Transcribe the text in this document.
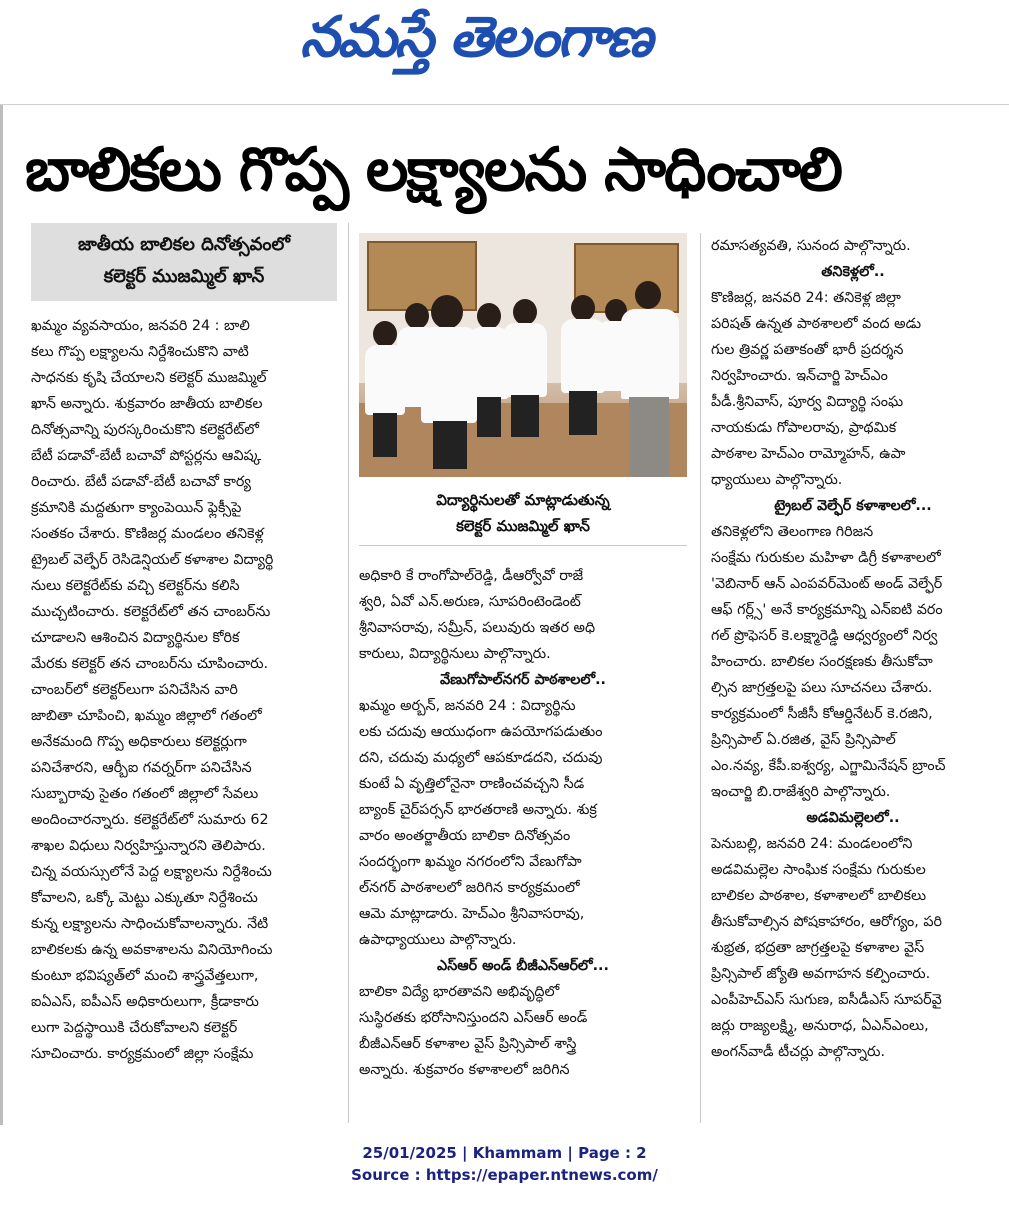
నమస్తే తెలంగాణ
బాలికలు గొప్ప లక్ష్యాలను సాధించాలి
జాతీయ బాలికల దినోత్సవంలో
కలెక్టర్ ముజమ్మిల్ ఖాన్
విద్యార్థినులతో మాట్లాడుతున్న
కలెక్టర్ ముజమ్మిల్ ఖాన్
ఖమ్మం వ్యవసాయం, జనవరి 24 : బాలి
కలు గొప్ప లక్ష్యాలను నిర్దేశించుకొని వాటి
సాధనకు కృషి చేయాలని కలెక్టర్ ముజమ్మిల్
ఖాన్ అన్నారు. శుక్రవారం జాతీయ బాలికల
దినోత్సవాన్ని పురస్కరించుకొని కలెక్టరేట్‌లో
బేటీ పడావో-బేటీ బచావో పోస్టర్లను ఆవిష్క
రించారు. బేటీ పడావో-బేటీ బచావో కార్య
క్రమానికి మద్దతుగా క్యాంపెయిన్ ఫ్లెక్సీపై
సంతకం చేశారు. కొణిజర్ల మండలం తనికెళ్ల
ట్రైబల్ వెల్ఫేర్ రెసిడెన్షియల్ కళాశాల విద్యార్థి
నులు కలెక్టరేట్‌కు వచ్చి కలెక్టర్‌ను కలిసి
ముచ్చటించారు. కలెక్టరేట్‌లో తన చాంబర్‌ను
చూడాలని ఆశించిన విద్యార్థినుల కోరిక
మేరకు కలెక్టర్ తన చాంబర్‌ను చూపించారు.
చాంబర్‌లో కలెక్టర్‌లుగా పనిచేసిన వారి
జాబితా చూపించి, ఖమ్మం జిల్లాలో గతంలో
అనేకమంది గొప్ప అధికారులు కలెక్టర్లుగా
పనిచేశారని, ఆర్బీఐ గవర్నర్‌గా పనిచేసిన
సుబ్బారావు సైతం గతంలో జిల్లాలో సేవలు
అందించారన్నారు. కలెక్టరేట్‌లో సుమారు 62
శాఖల విధులు నిర్వహిస్తున్నారని తెలిపారు.
చిన్న వయస్సులోనే పెద్ద లక్ష్యాలను నిర్దేశించు
కోవాలని, ఒక్కో మెట్టు ఎక్కుతూ నిర్దేశించు
కున్న లక్ష్యాలను సాధించుకోవాలన్నారు. నేటి
బాలికలకు ఉన్న అవకాశాలను వినియోగించు
కుంటూ భవిష్యత్‌లో మంచి శాస్త్రవేత్తలుగా,
ఐఏఎస్, ఐపీఎస్ అధికారులుగా, క్రీడాకారు
లుగా పెద్దస్థాయికి చేరుకోవాలని కలెక్టర్
సూచించారు. కార్యక్రమంలో జిల్లా సంక్షేమ
అధికారి కే రాంగోపాల్‌రెడ్డి, డీఆర్వోవో రాజే
శ్వరి, ఏవో ఎన్.అరుణ, సూపరింటెండెంట్
శ్రీనివాసరావు, సమ్రీన్, పలువురు ఇతర అధి
కారులు, విద్యార్థినులు పాల్గొన్నారు.
వేణుగోపాల్‌నగర్ పాఠశాలలో..
ఖమ్మం అర్బన్, జనవరి 24 : విద్యార్థిను
లకు చదువు ఆయుధంగా ఉపయోగపడుతుం
దని, చదువు మధ్యలో ఆపకూడదని, చదువు
కుంటే ఏ వృత్తిలోనైనా రాణించవచ్చని సీడ
బ్యాంక్ చైర్‌పర్సన్ భారతరాణి అన్నారు. శుక్ర
వారం అంతర్జాతీయ బాలికా దినోత్సవం
సందర్భంగా ఖమ్మం నగరంలోని వేణుగోపా
ల్‌నగర్ పాఠశాలలో జరిగిన కార్యక్రమంలో
ఆమె మాట్లాడారు. హెచ్ఎం శ్రీనివాసరావు,
ఉపాధ్యాయులు పాల్గొన్నారు.
ఎస్ఆర్ అండ్ బీజీఎన్ఆర్‌లో...
బాలికా విద్యే భారతావని అభివృద్ధిలో
సుస్థిరతకు భరోసానిస్తుందని ఎస్ఆర్ అండ్
బీజీఎన్ఆర్ కళాశాల వైస్ ప్రిన్సిపాల్ శాస్త్రి
అన్నారు. శుక్రవారం కళాశాలలో జరిగిన
రమాసత్యవతి, సునంద పాల్గొన్నారు.
తనికెళ్లలో..
కొణిజర్ల, జనవరి 24: తనికెళ్ల జిల్లా
పరిషత్ ఉన్నత పాఠశాలలో వంద అడు
గుల త్రివర్ణ పతాకంతో భారీ ప్రదర్శన
నిర్వహించారు. ఇన్‌చార్జి హెచ్ఎం
పీడీ.శ్రీనివాస్, పూర్వ విద్యార్థి సంఘ
నాయకుడు గోపాలరావు, ప్రాథమిక
పాఠశాల హెచ్ఎం రామ్మోహన్, ఉపా
ధ్యాయులు పాల్గొన్నారు.
ట్రైబల్ వెల్ఫేర్ కళాశాలలో...
తనికెళ్లలోని తెలంగాణ గిరిజన
సంక్షేమ గురుకుల మహిళా డిగ్రీ కళాశాలలో
'వెబినార్ ఆన్ ఎంపవర్‌మెంట్ అండ్ వెల్ఫేర్
ఆఫ్ గర్ల్స్' అనే కార్యక్రమాన్ని ఎన్ఐటి వరం
గల్ ప్రొఫెసర్ కె.లక్ష్మారెడ్డి ఆధ్వర్యంలో నిర్వ
హించారు. బాలికల సంరక్షణకు తీసుకోవా
ల్సిన జాగ్రత్తలపై పలు సూచనలు చేశారు.
కార్యక్రమంలో సీజీసీ కోఆర్డినేటర్ కె.రజిని,
ప్రిన్సిపాల్ ఏ.రజిత, వైస్ ప్రిన్సిపాల్
ఎం.నవ్య, కేపీ.ఐశ్వర్య, ఎగ్జామినేషన్ బ్రాంచ్
ఇంచార్జి బి.రాజేశ్వరి పాల్గొన్నారు.
అడవిమల్లెలలో..
పెనుబల్లి, జనవరి 24: మండలంలోని
అడవిమల్లెల సాంఘిక సంక్షేమ గురుకుల
బాలికల పాఠశాల, కళాశాలలో బాలికలు
తీసుకోవాల్సిన పోషకాహారం, ఆరోగ్యం, పరి
శుభ్రత, భద్రతా జాగ్రత్తలపై కళాశాల వైస్
ప్రిన్సిపాల్ జ్యోతి అవగాహన కల్పించారు.
ఎంపీహెచ్ఎస్ సుగుణ, ఐసీడీఎస్ సూపర్‌వై
జర్లు రాజ్యలక్ష్మి, అనురాధ, ఏఎన్ఎంలు,
అంగన్‌వాడీ టీచర్లు పాల్గొన్నారు.
25/01/2025 | Khammam | Page : 2
Source : https://epaper.ntnews.com/
